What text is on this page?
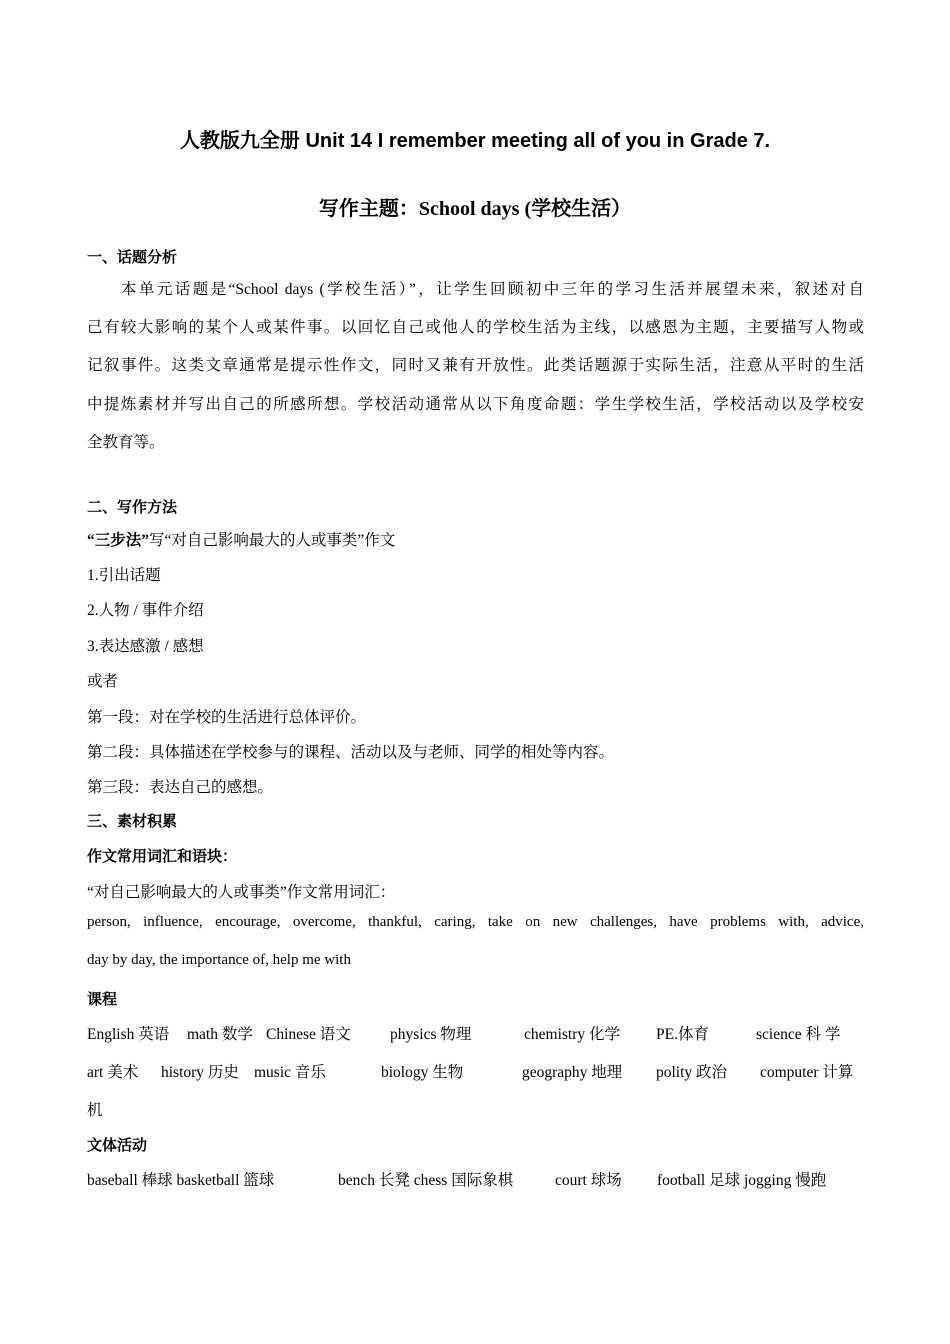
人教版九全册 Unit 14 I remember meeting all of you in Grade 7.
写作主题：School days (学校生活）
一、话题分析
本单元话题是“School days (学校生活）”，让学生回顾初中三年的学习生活并展望未来，叙述对自
己有较大影响的某个人或某件事。以回忆自己或他人的学校生活为主线，以感恩为主题，主要描写人物或
记叙事件。这类文章通常是提示性作文，同时又兼有开放性。此类话题源于实际生活，注意从平时的生活
中提炼素材并写出自己的所感所想。学校活动通常从以下角度命题：学生学校生活，学校活动以及学校安
全教育等。
二、写作方法
“三步法”写“对自己影响最大的人或事类”作文
1.引出话题
2.人物 / 事件介绍
3.表达感激 / 感想
或者
第一段：对在学校的生活进行总体评价。
第二段：具体描述在学校参与的课程、活动以及与老师、同学的相处等内容。
第三段：表达自己的感想。
三、素材积累
作文常用词汇和语块：
“对自己影响最大的人或事类”作文常用词汇：
person, influence, encourage, overcome, thankful, caring, take on new challenges, have problems with, advice,
day by day, the importance of, help me with
课程
English 英语 math 数学 Chinese 语文	physics 物理	chemistry 化学 PE.体育	science 科 学
art 美术 history 历史 music 音乐	biology 生物	geography 地理 polity 政治 computer 计算
机
文体活动
baseball 棒球 basketball 篮球	bench 长凳 chess 国际象棋	court 球场 football 足球 jogging 慢跑
